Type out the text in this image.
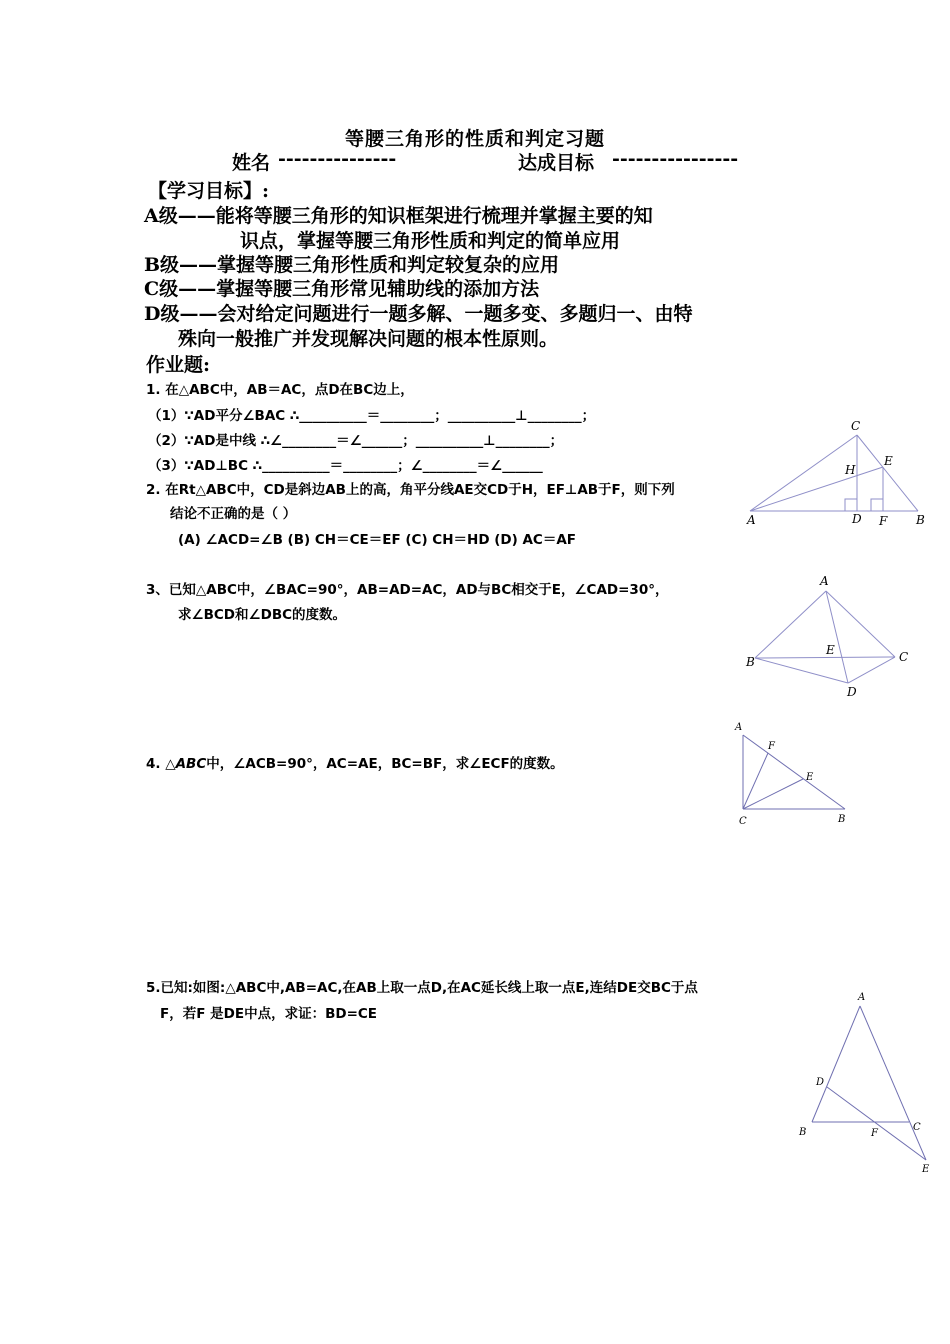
等腰三角形的性质和判定习题
姓名 ---------------	达成目标 ----------------
【学习目标】:
A级——能将等腰三角形的知识框架进行梳理并掌握主要的知
识点，掌握等腰三角形性质和判定的简单应用
B级——掌握等腰三角形性质和判定较复杂的应用
C级——掌握等腰三角形常见辅助线的添加方法
D级——会对给定问题进行一题多解、一题多变、多题归一、由特
殊向一般推广并发现解决问题的根本性原则。
作业题:
1. 在△ABC中，AB＝AC，点D在BC边上，
（1）∵AD平分∠BAC ∴__________＝________；__________⊥________；
（2）∵AD是中线 ∴∠________＝∠______；__________⊥________；
（3）∵AD⊥BC ∴__________＝________；∠________＝∠______
2. 在Rt△ABC中，CD是斜边AB上的高，角平分线AE交CD于H，EF⊥AB于F，则下列
结论不正确的是（ ）
(A) ∠ACD=∠B (B) CH＝CE＝EF (C) CH＝HD (D) AC＝AF
3、已知△ABC中，∠BAC=90°，AB=AD=AC，AD与BC相交于E，∠CAD=30°，
求∠BCD和∠DBC的度数。
4. △ABC中，∠ACB=90°，AC=AE，BC=BF，求∠ECF的度数。
5.已知:如图:△ABC中,AB=AC,在AB上取一点D,在AC延长线上取一点E,连结DE交BC于点
F，若F 是DE中点，求证：BD=CE
A	B
C
D
E
F
H
A
B	C
D
E
A
B
C
E
F
A
B	C
D
E
F
